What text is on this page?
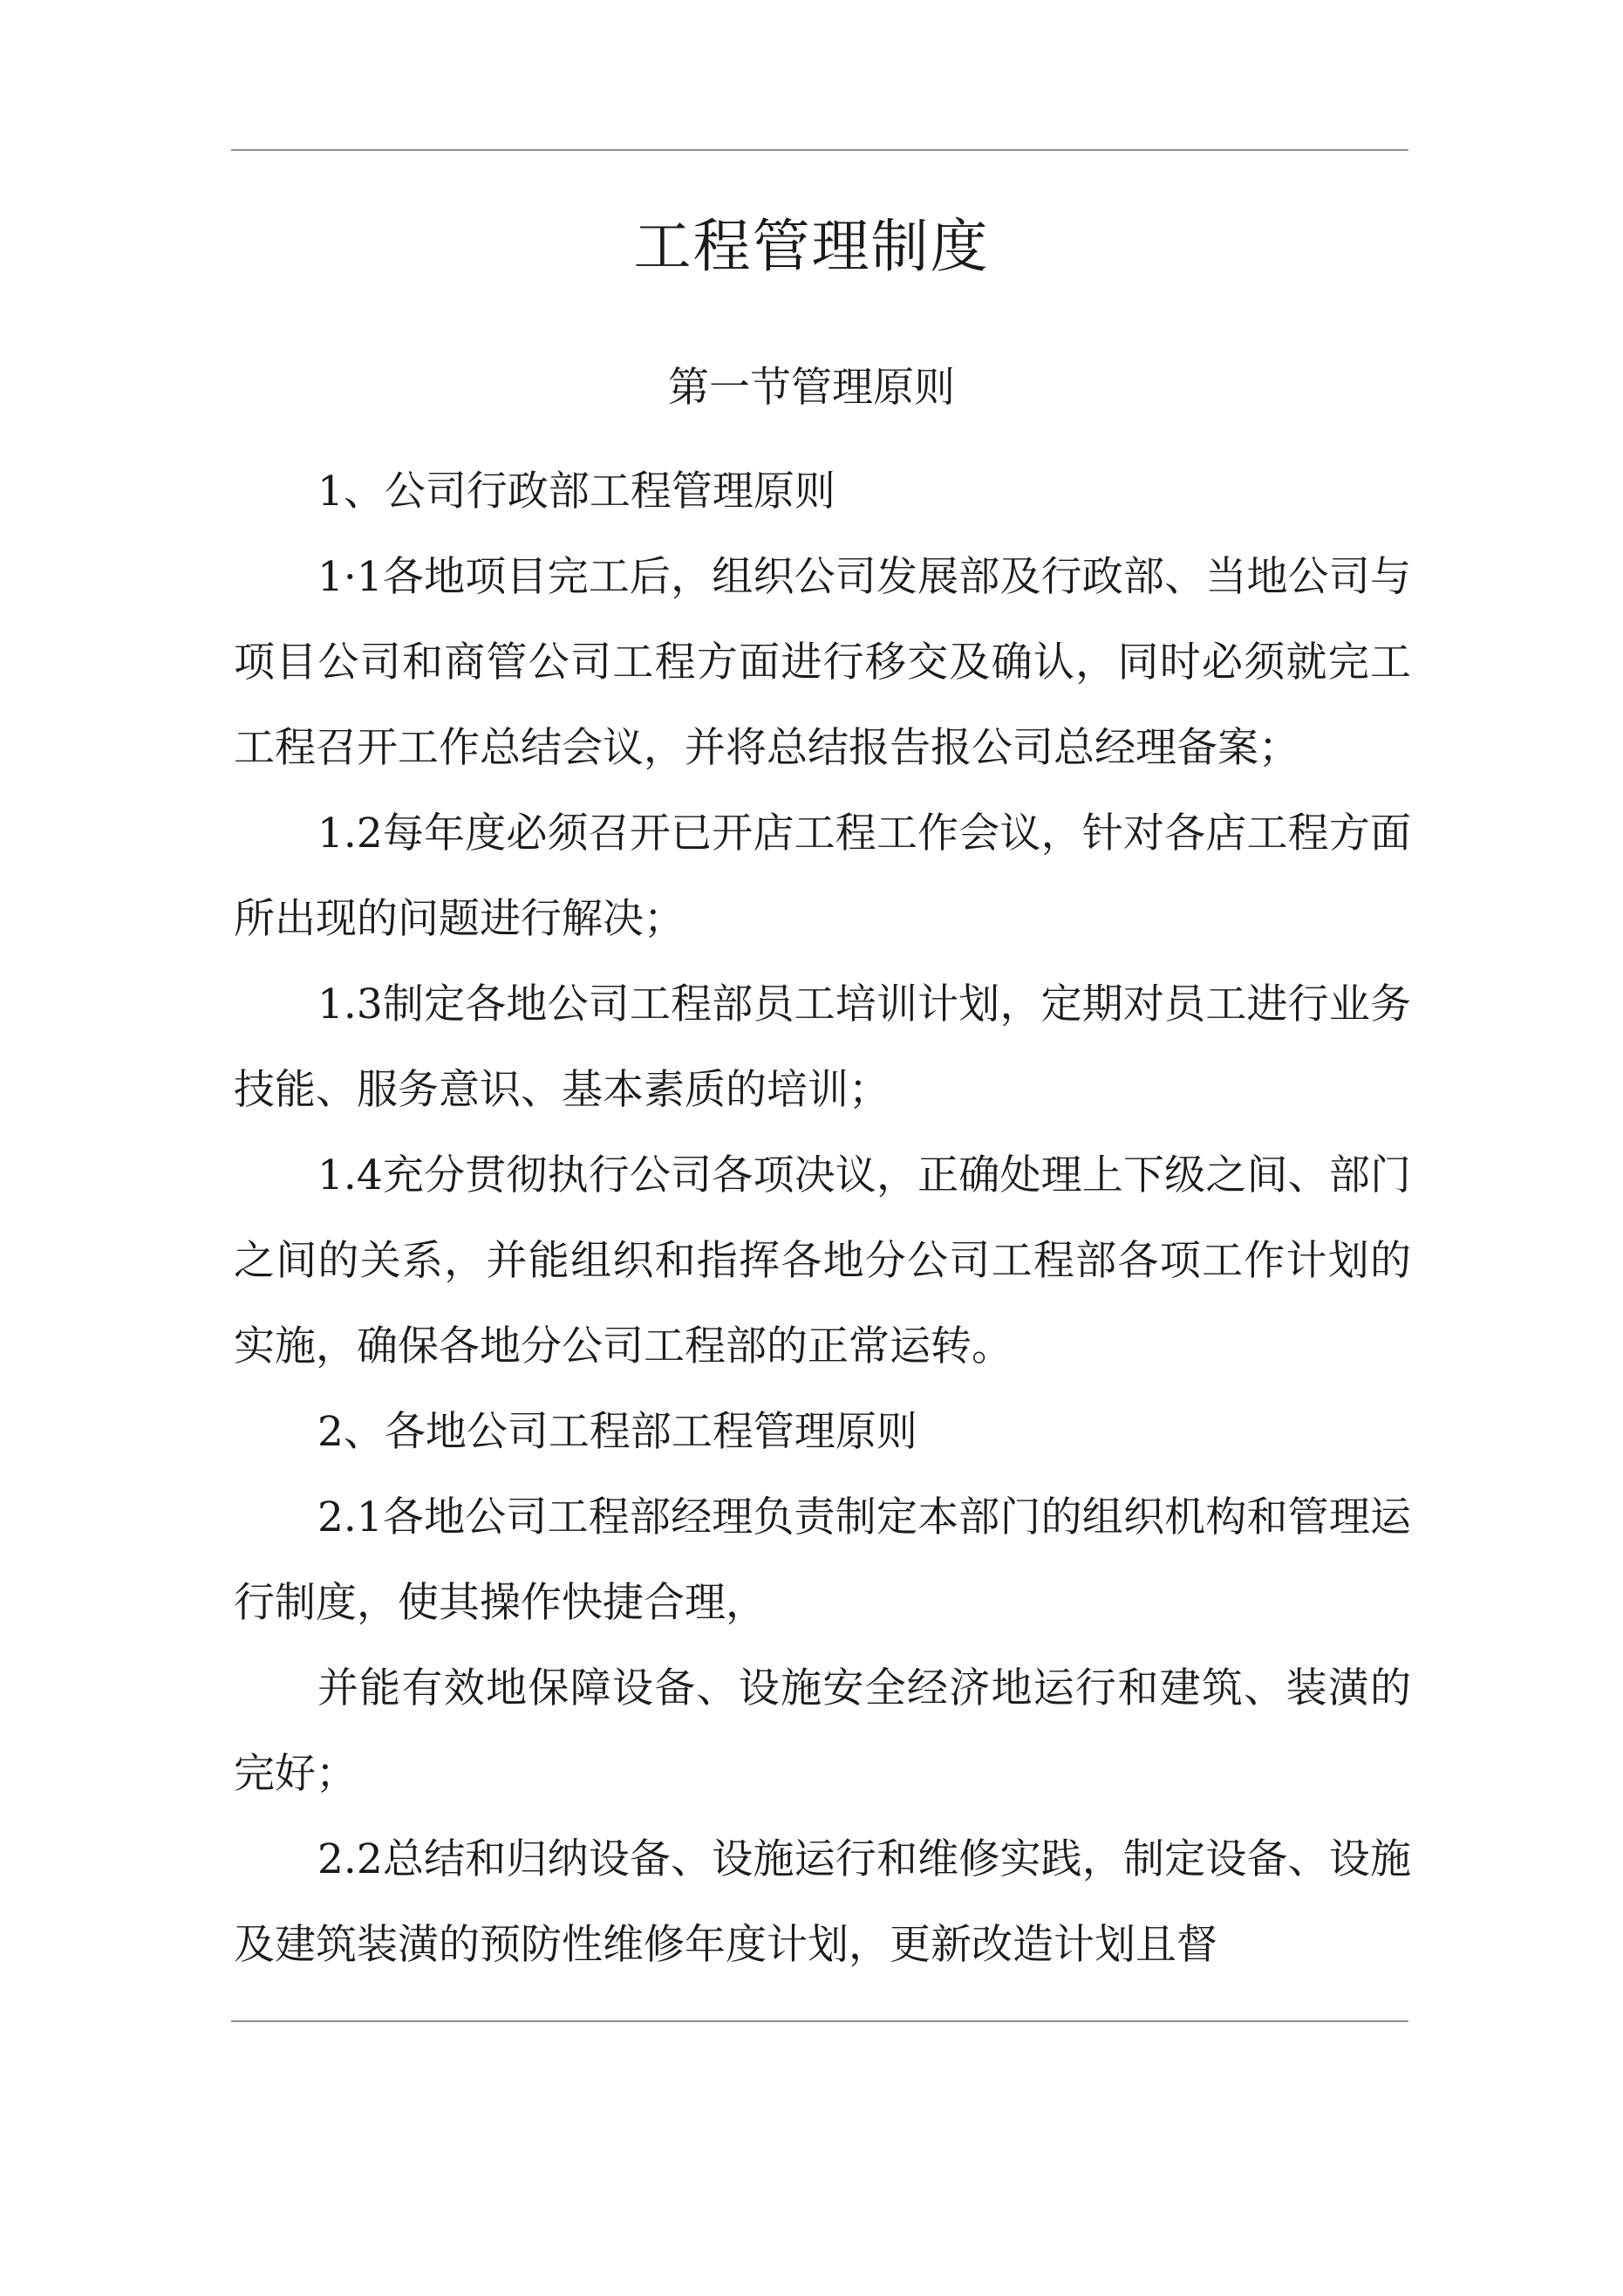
工程管理制度
第一节管理原则

1、公司行政部工程管理原则

1·1各地项目完工后，组织公司发展部及行政部、当地公司与项目公司和商管公司工程方面进行移交及确认，同时必须就完工工程召开工作总结会议，并将总结报告报公司总经理备案；

1.2每年度必须召开已开店工程工作会议，针对各店工程方面所出现的问题进行解决；

1.3制定各地公司工程部员工培训计划，定期对员工进行业务技能、服务意识、基本素质的培训；

1.4充分贯彻执行公司各项决议，正确处理上下级之间、部门之间的关系，并能组织和指挥各地分公司工程部各项工作计划的实施，确保各地分公司工程部的正常运转。

2、各地公司工程部工程管理原则

2.1各地公司工程部经理负责制定本部门的组织机构和管理运行制度，使其操作快捷合理，

并能有效地保障设备、设施安全经济地运行和建筑、装潢的完好；

2.2总结和归纳设备、设施运行和维修实践，制定设备、设施及建筑装潢的预防性维修年度计划，更新改造计划且督
